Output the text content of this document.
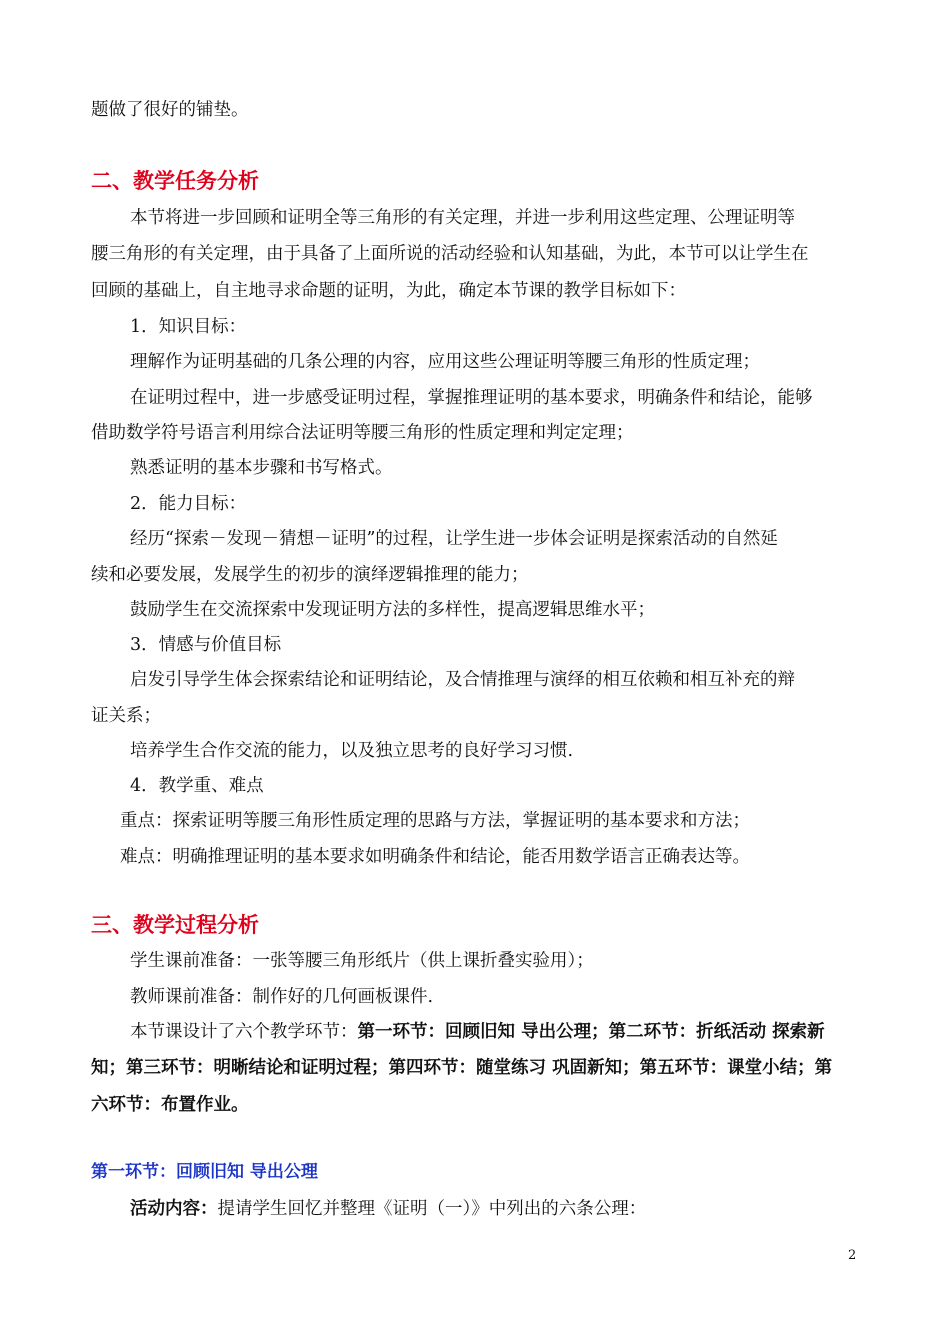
题做了很好的铺垫。
二、教学任务分析
本节将进一步回顾和证明全等三角形的有关定理，并进一步利用这些定理、公理证明等
腰三角形的有关定理，由于具备了上面所说的活动经验和认知基础，为此，本节可以让学生在
回顾的基础上，自主地寻求命题的证明，为此，确定本节课的教学目标如下：
1．知识目标：
理解作为证明基础的几条公理的内容，应用这些公理证明等腰三角形的性质定理；
在证明过程中，进一步感受证明过程，掌握推理证明的基本要求，明确条件和结论，能够
借助数学符号语言利用综合法证明等腰三角形的性质定理和判定定理；
熟悉证明的基本步骤和书写格式。
2．能力目标：
经历“探索－发现－猜想－证明”的过程，让学生进一步体会证明是探索活动的自然延
续和必要发展，发展学生的初步的演绎逻辑推理的能力；
鼓励学生在交流探索中发现证明方法的多样性，提高逻辑思维水平；
3．情感与价值目标
启发引导学生体会探索结论和证明结论，及合情推理与演绎的相互依赖和相互补充的辩
证关系；
培养学生合作交流的能力，以及独立思考的良好学习习惯.
4．教学重、难点
重点：探索证明等腰三角形性质定理的思路与方法，掌握证明的基本要求和方法；
难点：明确推理证明的基本要求如明确条件和结论，能否用数学语言正确表达等。
三、教学过程分析
学生课前准备：一张等腰三角形纸片（供上课折叠实验用）；
教师课前准备：制作好的几何画板课件.
本节课设计了六个教学环节：第一环节：回顾旧知 导出公理；第二环节：折纸活动 探索新
知；第三环节：明晰结论和证明过程；第四环节：随堂练习 巩固新知；第五环节：课堂小结；第
六环节：布置作业。
第一环节：回顾旧知 导出公理
活动内容：提请学生回忆并整理《证明（一）》中列出的六条公理：
2
